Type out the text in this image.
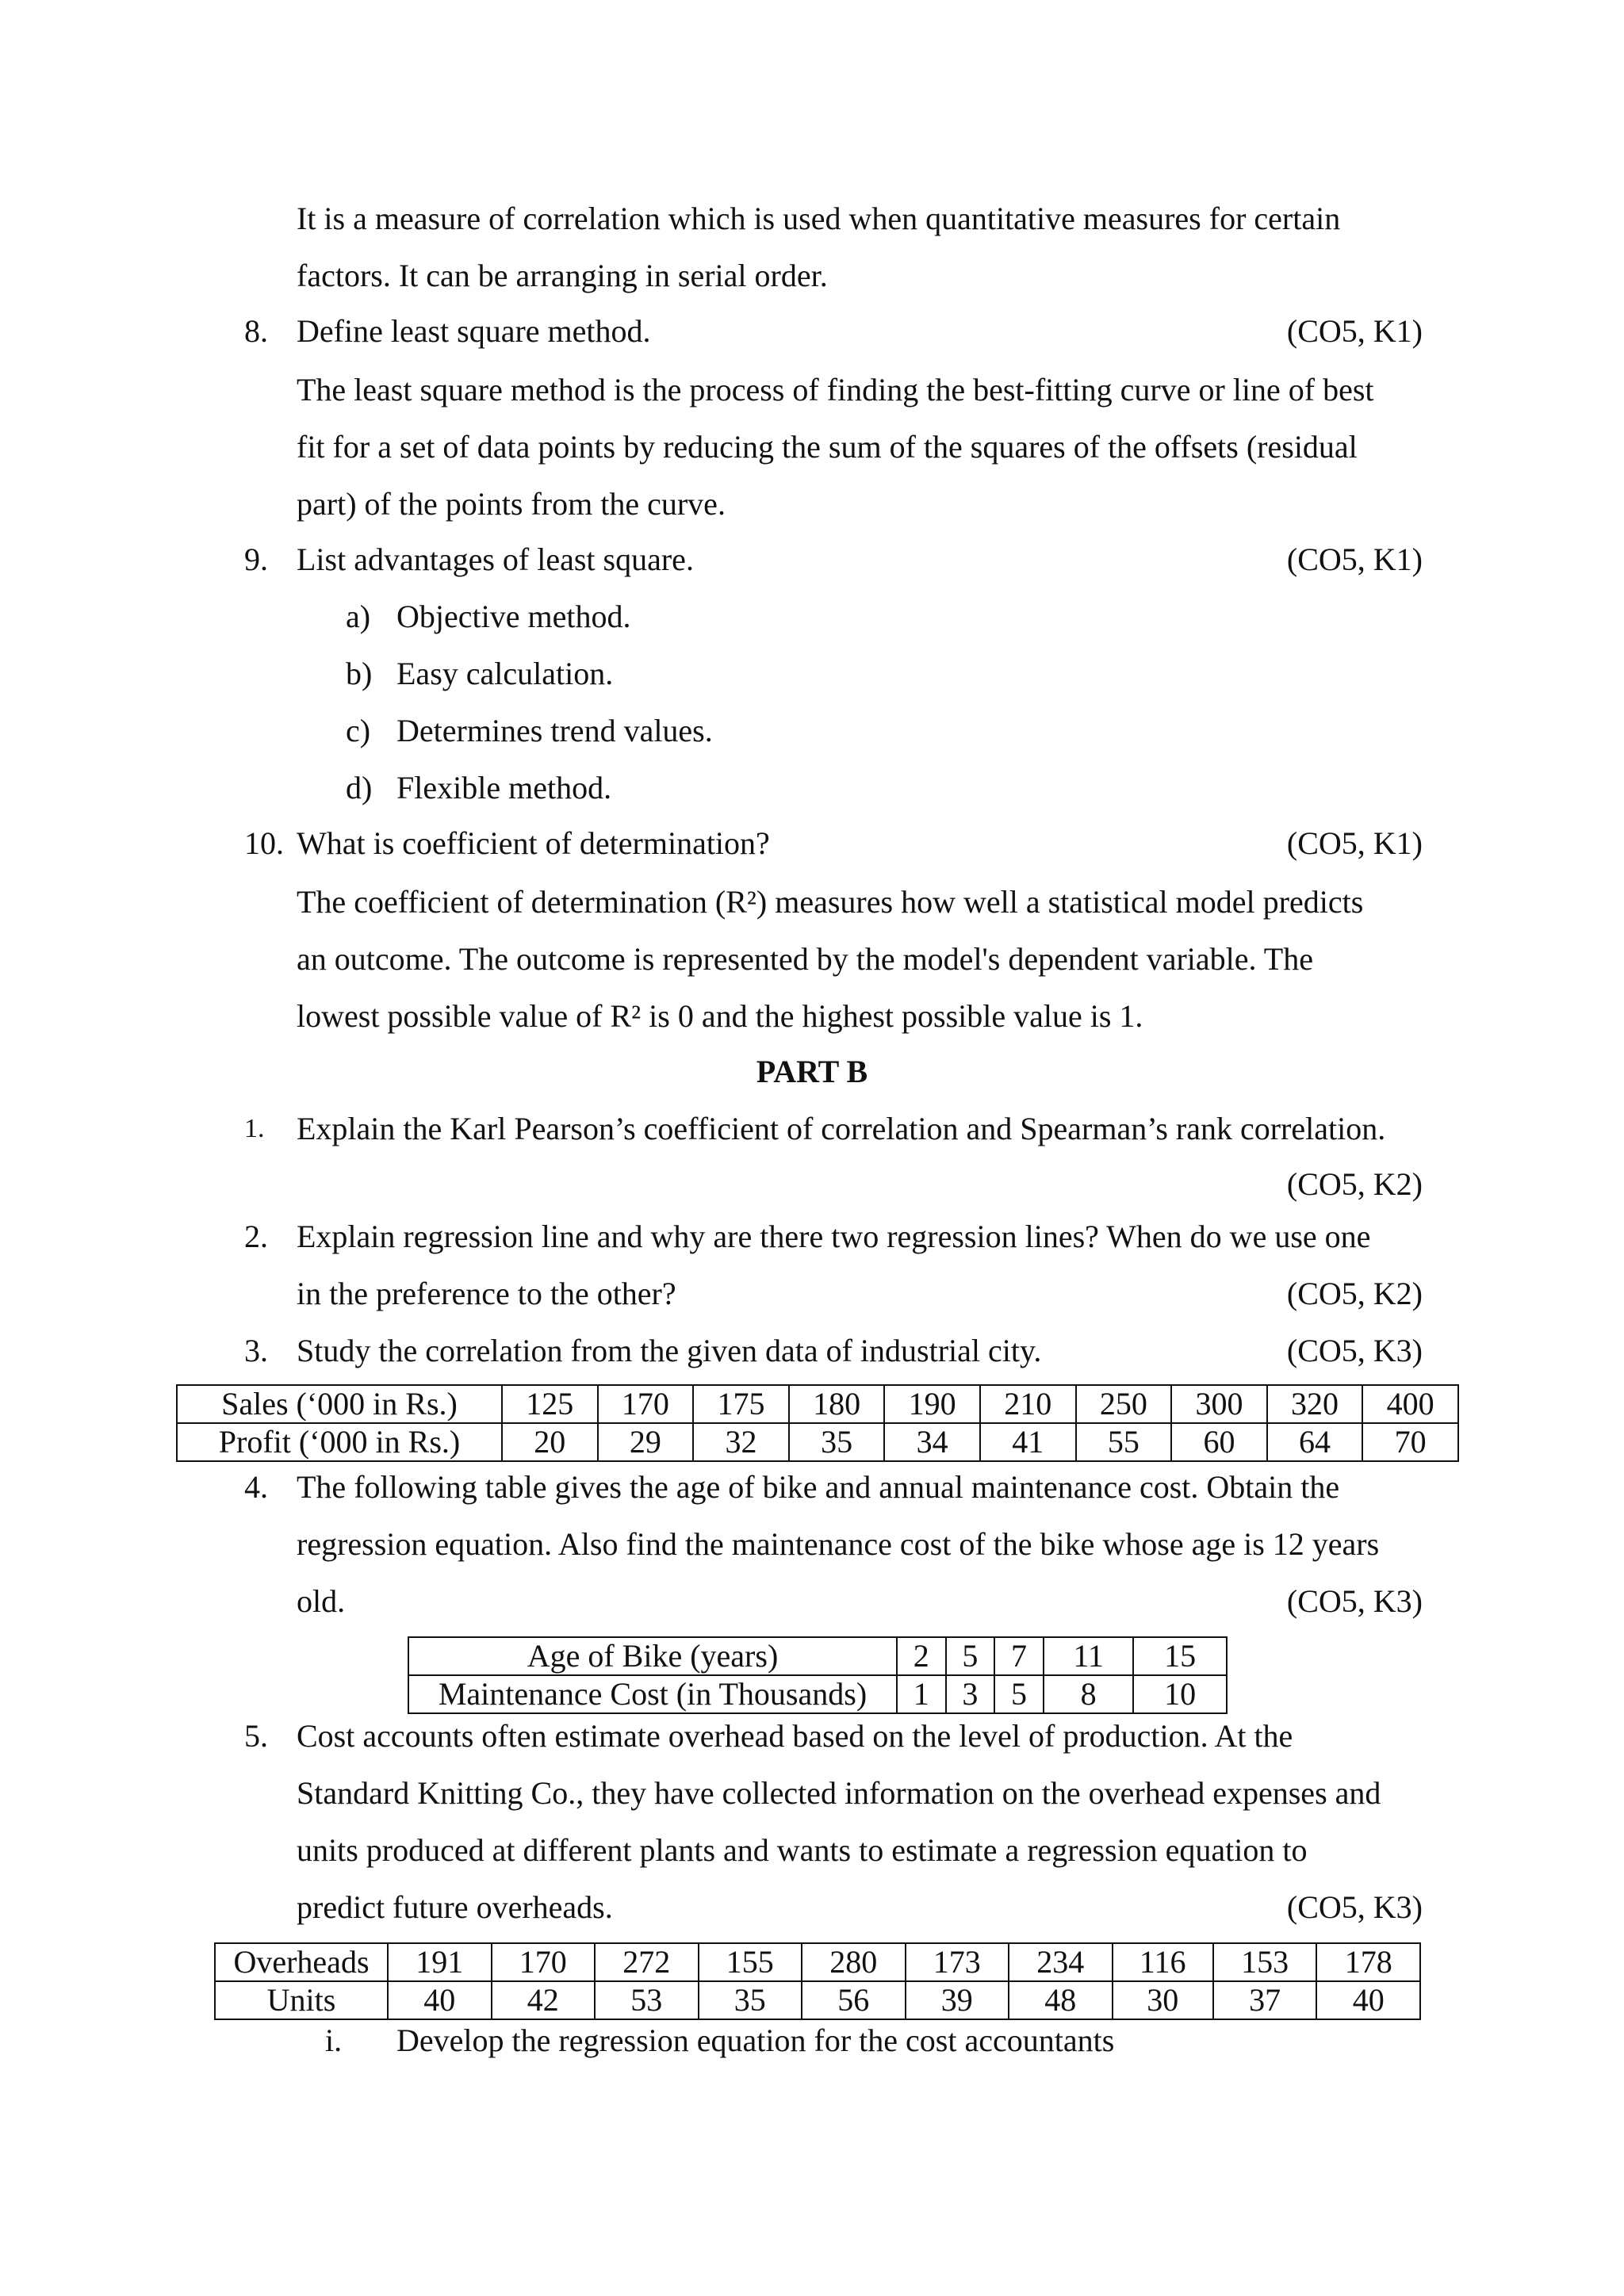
It is a measure of correlation which is used when quantitative measures for certain
factors. It can be arranging in serial order.
8. Define least square method.	(CO5, K1)
The least square method is the process of finding the best-fitting curve or line of best
fit for a set of data points by reducing the sum of the squares of the offsets (residual
part) of the points from the curve.
9. List advantages of least square.	(CO5, K1)
a) Objective method.
b) Easy calculation.
c) Determines trend values.
d) Flexible method.
10. What is coefficient of determination?	(CO5, K1)
The coefficient of determination (R²) measures how well a statistical model predicts
an outcome. The outcome is represented by the model's dependent variable. The
lowest possible value of R² is 0 and the highest possible value is 1.
PART B
1. Explain the Karl Pearson’s coefficient of correlation and Spearman’s rank correlation.
(CO5, K2)
2. Explain regression line and why are there two regression lines? When do we use one
in the preference to the other?	(CO5, K2)
3. Study the correlation from the given data of industrial city.	(CO5, K3)
Sales (‘000 in Rs.)	125	170	175	180	190	210	250	300	320	400
Profit (‘000 in Rs.)	20	29	32	35	34	41	55	60	64	70
4. The following table gives the age of bike and annual maintenance cost. Obtain the
regression equation. Also find the maintenance cost of the bike whose age is 12 years
old.	(CO5, K3)
Age of Bike (years)	2	5	7	11	15
Maintenance Cost (in Thousands)	1	3	5	8	10
5. Cost accounts often estimate overhead based on the level of production. At the
Standard Knitting Co., they have collected information on the overhead expenses and
units produced at different plants and wants to estimate a regression equation to
predict future overheads.	(CO5, K3)
Overheads	191	170	272	155	280	173	234	116	153	178
Units	40	42	53	35	56	39	48	30	37	40
i. Develop the regression equation for the cost accountants
